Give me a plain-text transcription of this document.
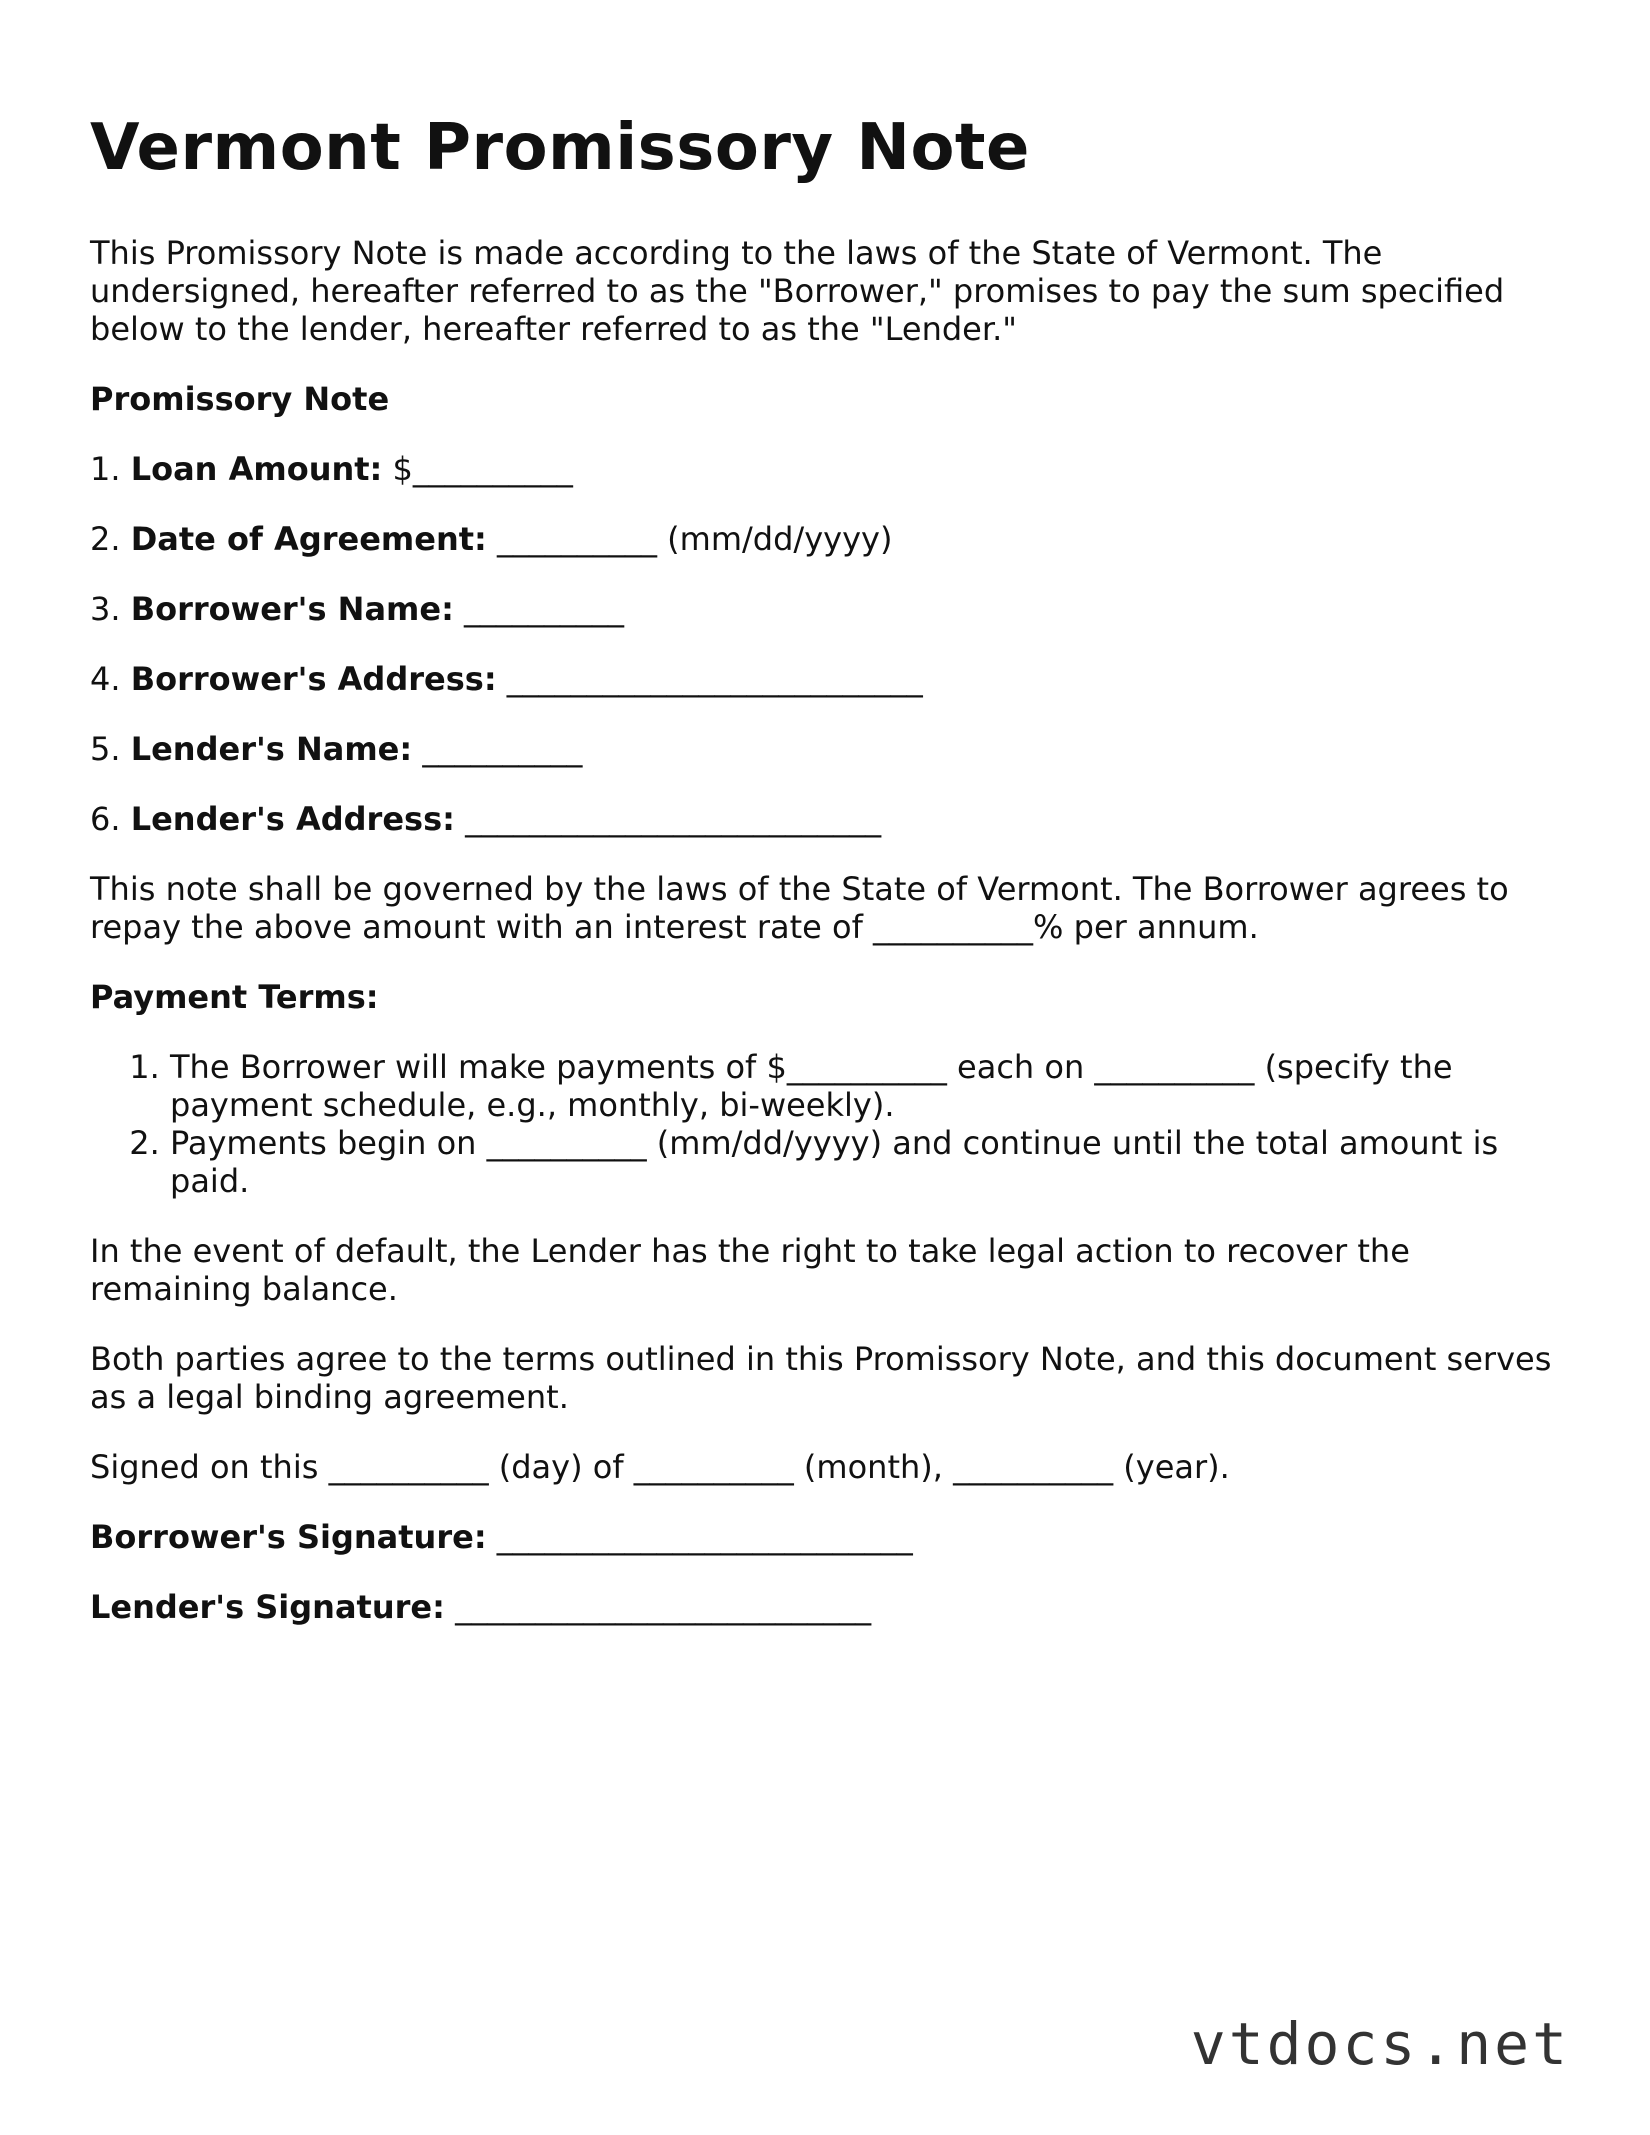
Vermont Promissory Note

This Promissory Note is made according to the laws of the State of Vermont. The undersigned, hereafter referred to as the "Borrower," promises to pay the sum specified below to the lender, hereafter referred to as the "Lender."

Promissory Note

1. Loan Amount: $__________
2. Date of Agreement: __________ (mm/dd/yyyy)
3. Borrower's Name: __________
4. Borrower's Address: __________________________
5. Lender's Name: __________
6. Lender's Address: __________________________

This note shall be governed by the laws of the State of Vermont. The Borrower agrees to repay the above amount with an interest rate of __________% per annum.

Payment Terms:

1. The Borrower will make payments of $__________ each on __________ (specify the payment schedule, e.g., monthly, bi-weekly).
2. Payments begin on __________ (mm/dd/yyyy) and continue until the total amount is paid.

In the event of default, the Lender has the right to take legal action to recover the remaining balance.

Both parties agree to the terms outlined in this Promissory Note, and this document serves as a legal binding agreement.

Signed on this __________ (day) of __________ (month), __________ (year).

Borrower's Signature: __________________________

Lender's Signature: __________________________

vtdocs.net
